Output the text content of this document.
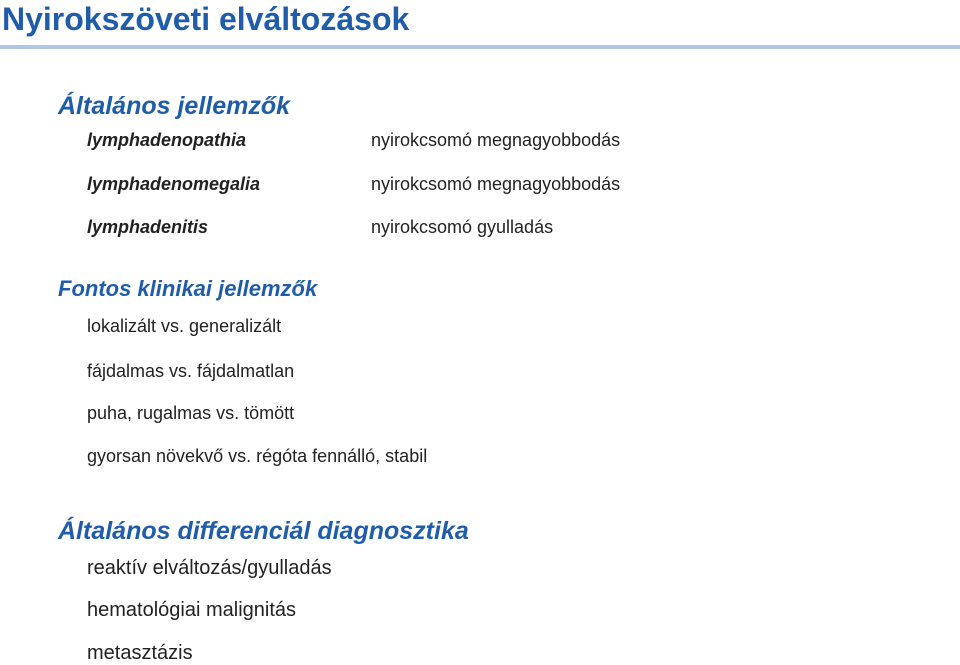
Nyirokszöveti elváltozások
Általános jellemzők
lymphadenopathia	nyirokcsomó megnagyobbodás
lymphadenomegalia	nyirokcsomó megnagyobbodás
lymphadenitis	nyirokcsomó gyulladás
Fontos klinikai jellemzők
lokalizált vs. generalizált
fájdalmas vs. fájdalmatlan
puha, rugalmas vs. tömött
gyorsan növekvő vs. régóta fennálló, stabil
Általános differenciál diagnosztika
reaktív elváltozás/gyulladás
hematológiai malignitás
metasztázis
